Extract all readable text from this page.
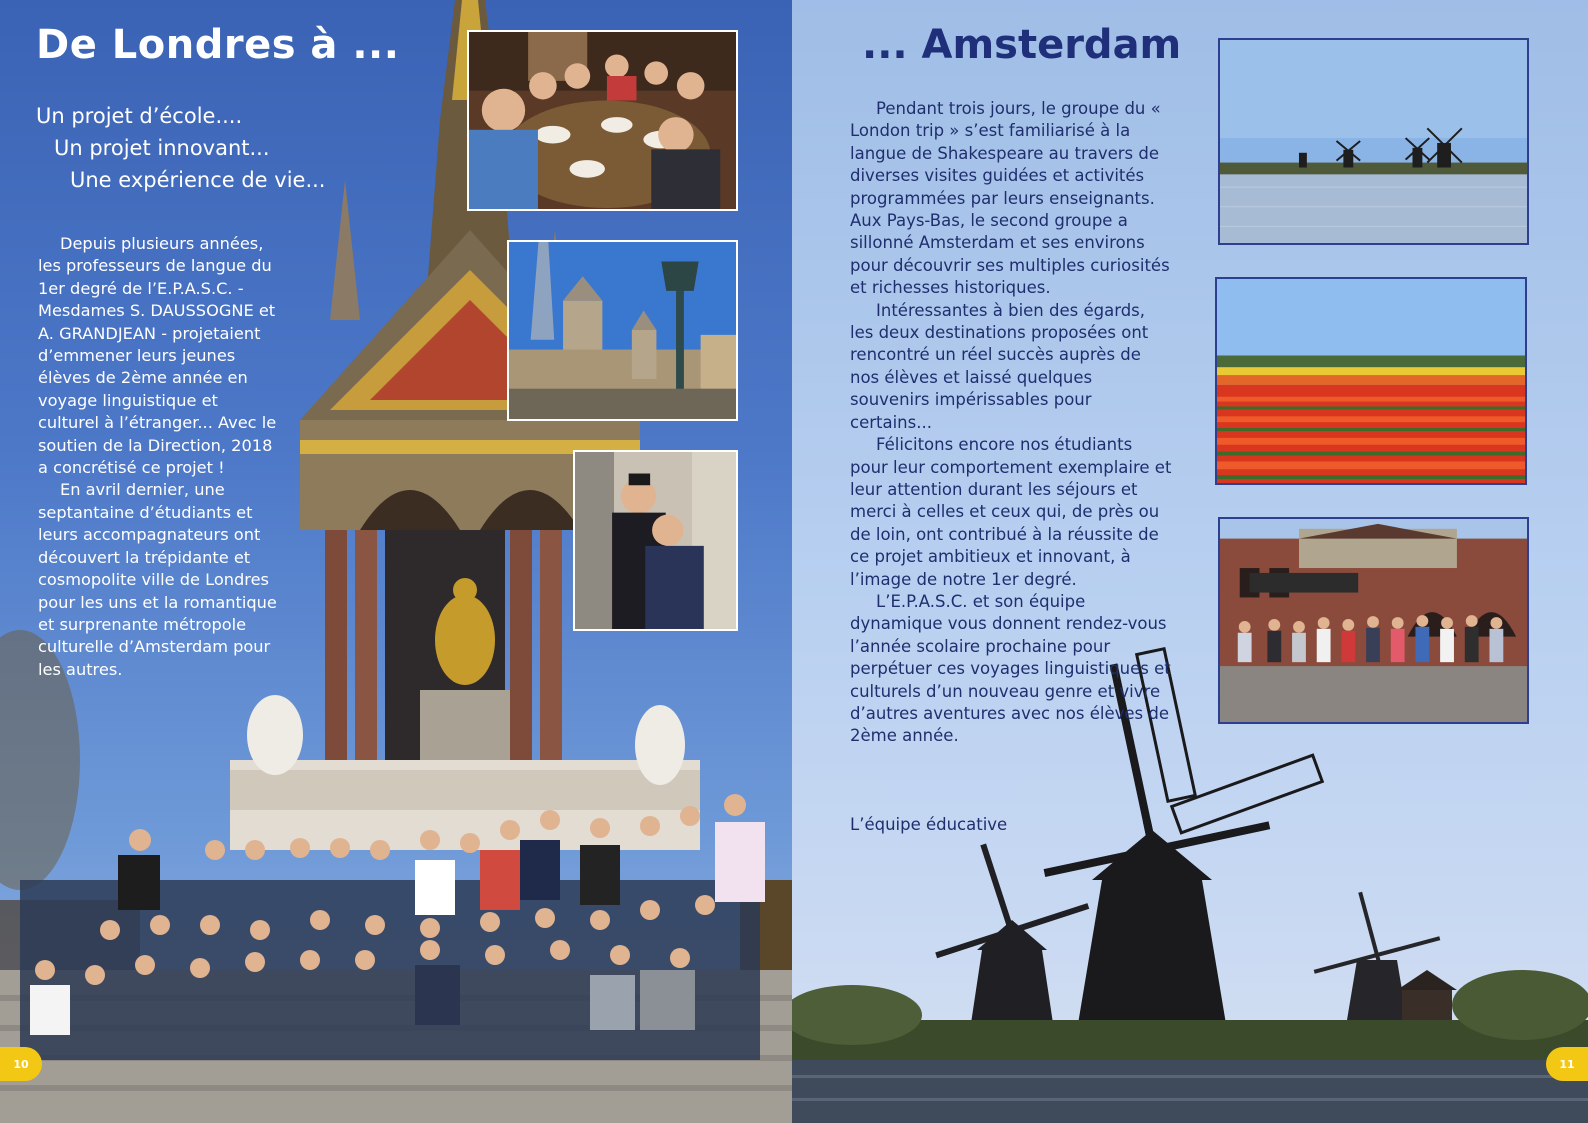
De Londres à ...
Un projet d’école....
Un projet innovant...
Une expérience de vie...

Depuis plusieurs années, les professeurs de langue du 1er degré de l’E.P.A.S.C. - Mesdames S. DAUSSOGNE et A. GRANDJEAN - projetaient d’emmener leurs jeunes élèves de 2ème année en voyage linguistique et culturel à l’étranger... Avec le soutien de la Direction, 2018 a concrétisé ce projet !

En avril dernier, une septantaine d’étudiants et leurs accompagnateurs ont découvert la trépidante et cosmopolite ville de Londres pour les uns et la romantique et surprenante métropole culturelle d’Amsterdam pour les autres.

10
... Amsterdam

Pendant trois jours, le groupe du « London trip » s’est familiarisé à la langue de Shakespeare au travers de diverses visites guidées et activités programmées par leurs enseignants. Aux Pays-Bas, le second groupe a sillonné Amsterdam et ses environs pour découvrir ses multiples curiosités et richesses historiques.

Intéressantes à bien des égards, les deux destinations proposées ont rencontré un réel succès auprès de nos élèves et laissé quelques souvenirs impérissables pour certains...

Félicitons encore nos étudiants pour leur comportement exemplaire et leur attention durant les séjours et merci à celles et ceux qui, de près ou de loin, ont contribué à la réussite de ce projet ambitieux et innovant, à l’image de notre 1er degré.

L’E.P.A.S.C. et son équipe dynamique vous donnent rendez-vous l’année scolaire prochaine pour perpétuer ces voyages linguistiques et culturels d’un nouveau genre et vivre d’autres aventures avec nos élèves de 2ème année.

L’équipe éducative
11
